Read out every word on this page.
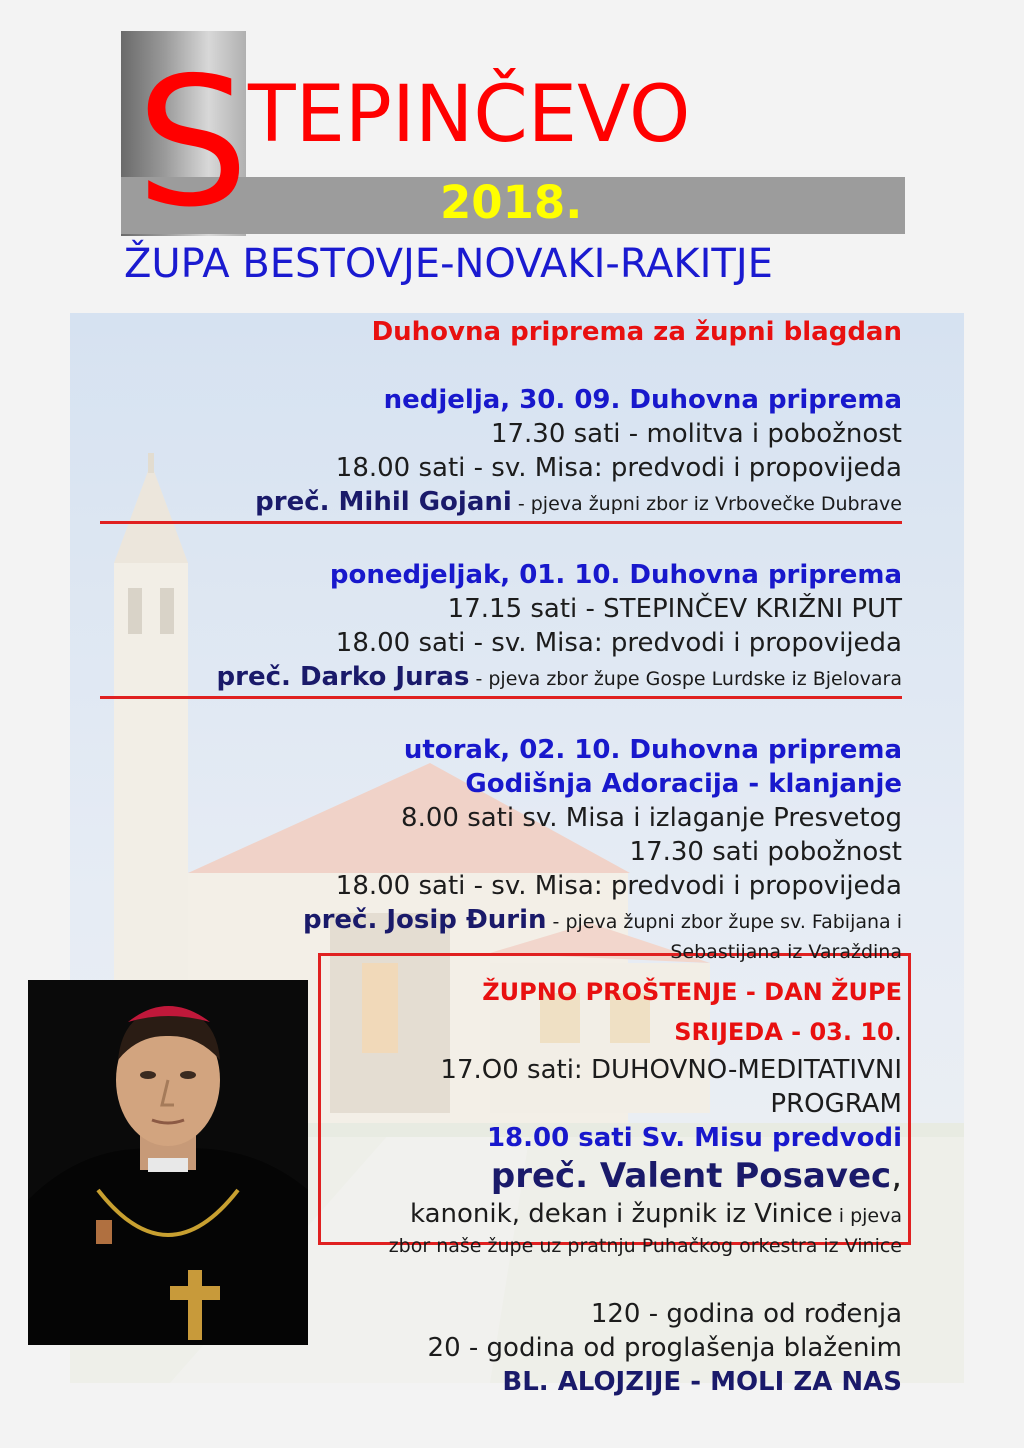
S TEPINČEVO
2018.
ŽUPA BESTOVJE-NOVAKI-RAKITJE
Duhovna priprema za župni blagdan
nedjelja, 30. 09. Duhovna priprema
17.30 sati - molitva i pobožnost
18.00 sati - sv. Misa: predvodi i propovijeda
preč. Mihil Gojani - pjeva župni zbor iz Vrbovečke Dubrave
ponedjeljak, 01. 10. Duhovna priprema
17.15 sati - STEPINČEV KRIŽNI PUT
18.00 sati - sv. Misa: predvodi i propovijeda
preč. Darko Juras - pjeva zbor župe Gospe Lurdske iz Bjelovara
utorak, 02. 10. Duhovna priprema
Godišnja Adoracija - klanjanje
8.00 sati sv. Misa i izlaganje Presvetog
17.30 sati pobožnost
18.00 sati - sv. Misa: predvodi i propovijeda
preč. Josip Đurin - pjeva župni zbor župe sv. Fabijana i
Sebastijana iz Varaždina
ŽUPNO PROŠTENJE - DAN ŽUPE
SRIJEDA - 03. 10.
17.O0 sati: DUHOVNO-MEDITATIVNI
PROGRAM
18.00 sati Sv. Misu predvodi
preč. Valent Posavec,
kanonik, dekan i župnik iz Vinice i pjeva
zbor naše župe uz pratnju Puhačkog orkestra iz Vinice
120 - godina od rođenja
20 - godina od proglašenja blaženim
BL. ALOJZIJE - MOLI ZA NAS
